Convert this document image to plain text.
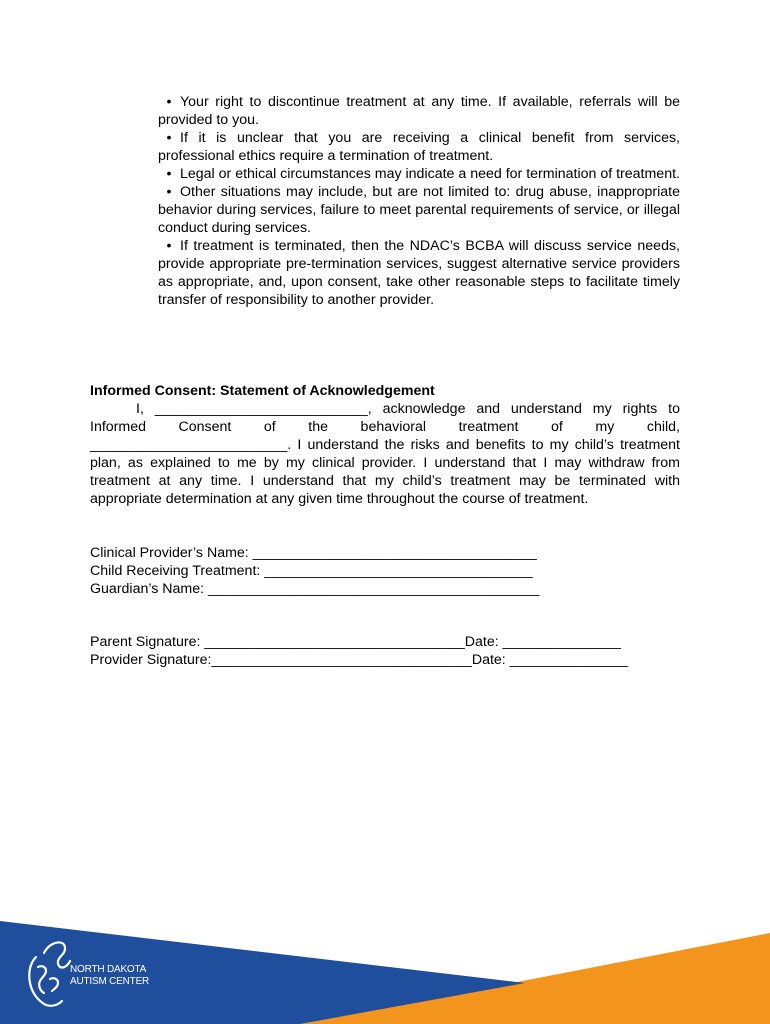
• Your right to discontinue treatment at any time. If available, referrals will be provided to you.

• If it is unclear that you are receiving a clinical benefit from services, professional ethics require a termination of treatment.

• Legal or ethical circumstances may indicate a need for termination of treatment.

• Other situations may include, but are not limited to: drug abuse, inappropriate behavior during services, failure to meet parental requirements of service, or illegal conduct during services.

• If treatment is terminated, then the NDAC’s BCBA will discuss service needs, provide appropriate pre-termination services, suggest alternative service providers as appropriate, and, upon consent, take other reasonable steps to facilitate timely transfer of responsibility to another provider.

Informed Consent: Statement of Acknowledgement

I, ___________________________, acknowledge and understand my rights to
Informed Consent of the behavioral treatment of my child,
_________________________. I understand the risks and benefits to my child’s treatment plan, as explained to me by my clinical provider. I understand that I may withdraw from treatment at any time. I understand that my child’s treatment may be terminated with appropriate determination at any given time throughout the course of treatment.
Clinical Provider’s Name: ____________________________________
Child Receiving Treatment: __________________________________
Guardian’s Name: __________________________________________
Parent Signature: _________________________________Date: _______________
Provider Signature:_________________________________Date: _______________
NORTH DAKOTA
AUTISM CENTER
